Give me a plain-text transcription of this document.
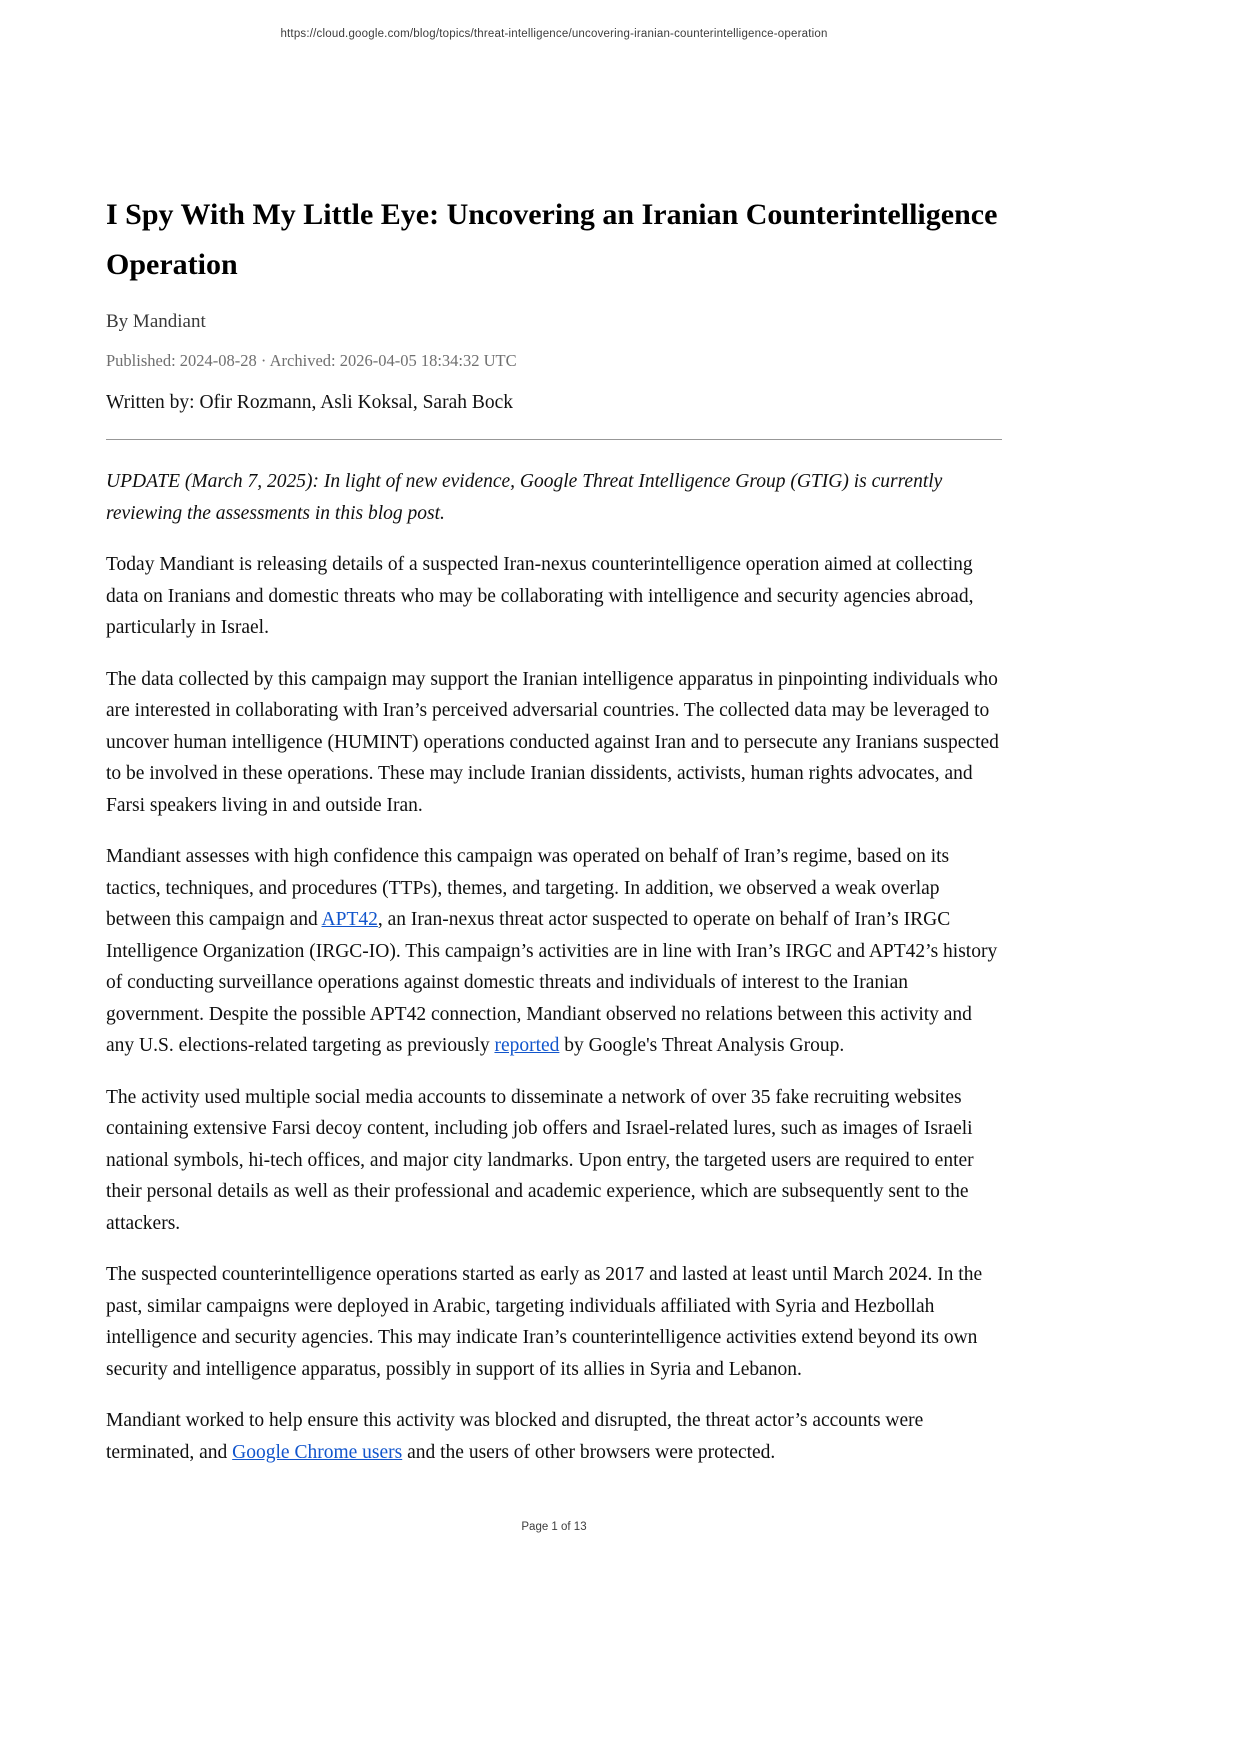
https://cloud.google.com/blog/topics/threat-intelligence/uncovering-iranian-counterintelligence-operation
I Spy With My Little Eye: Uncovering an Iranian Counterintelligence Operation
By Mandiant
Published: 2024-08-28 · Archived: 2026-04-05 18:34:32 UTC
Written by: Ofir Rozmann, Asli Koksal, Sarah Bock

UPDATE (March 7, 2025): In light of new evidence, Google Threat Intelligence Group (GTIG) is currently reviewing the assessments in this blog post.

Today Mandiant is releasing details of a suspected Iran-nexus counterintelligence operation aimed at collecting data on Iranians and domestic threats who may be collaborating with intelligence and security agencies abroad, particularly in Israel.

The data collected by this campaign may support the Iranian intelligence apparatus in pinpointing individuals who are interested in collaborating with Iran’s perceived adversarial countries. The collected data may be leveraged to uncover human intelligence (HUMINT) operations conducted against Iran and to persecute any Iranians suspected to be involved in these operations. These may include Iranian dissidents, activists, human rights advocates, and Farsi speakers living in and outside Iran.

Mandiant assesses with high confidence this campaign was operated on behalf of Iran’s regime, based on its tactics, techniques, and procedures (TTPs), themes, and targeting. In addition, we observed a weak overlap between this campaign and APT42, an Iran-nexus threat actor suspected to operate on behalf of Iran’s IRGC Intelligence Organization (IRGC-IO). This campaign’s activities are in line with Iran’s IRGC and APT42’s history of conducting surveillance operations against domestic threats and individuals of interest to the Iranian government. Despite the possible APT42 connection, Mandiant observed no relations between this activity and any U.S. elections-related targeting as previously reported by Google's Threat Analysis Group.

The activity used multiple social media accounts to disseminate a network of over 35 fake recruiting websites containing extensive Farsi decoy content, including job offers and Israel-related lures, such as images of Israeli national symbols, hi-tech offices, and major city landmarks. Upon entry, the targeted users are required to enter their personal details as well as their professional and academic experience, which are subsequently sent to the attackers.

The suspected counterintelligence operations started as early as 2017 and lasted at least until March 2024. In the past, similar campaigns were deployed in Arabic, targeting individuals affiliated with Syria and Hezbollah intelligence and security agencies. This may indicate Iran’s counterintelligence activities extend beyond its own security and intelligence apparatus, possibly in support of its allies in Syria and Lebanon.

Mandiant worked to help ensure this activity was blocked and disrupted, the threat actor’s accounts were terminated, and Google Chrome users and the users of other browsers were protected.

Page 1 of 13
